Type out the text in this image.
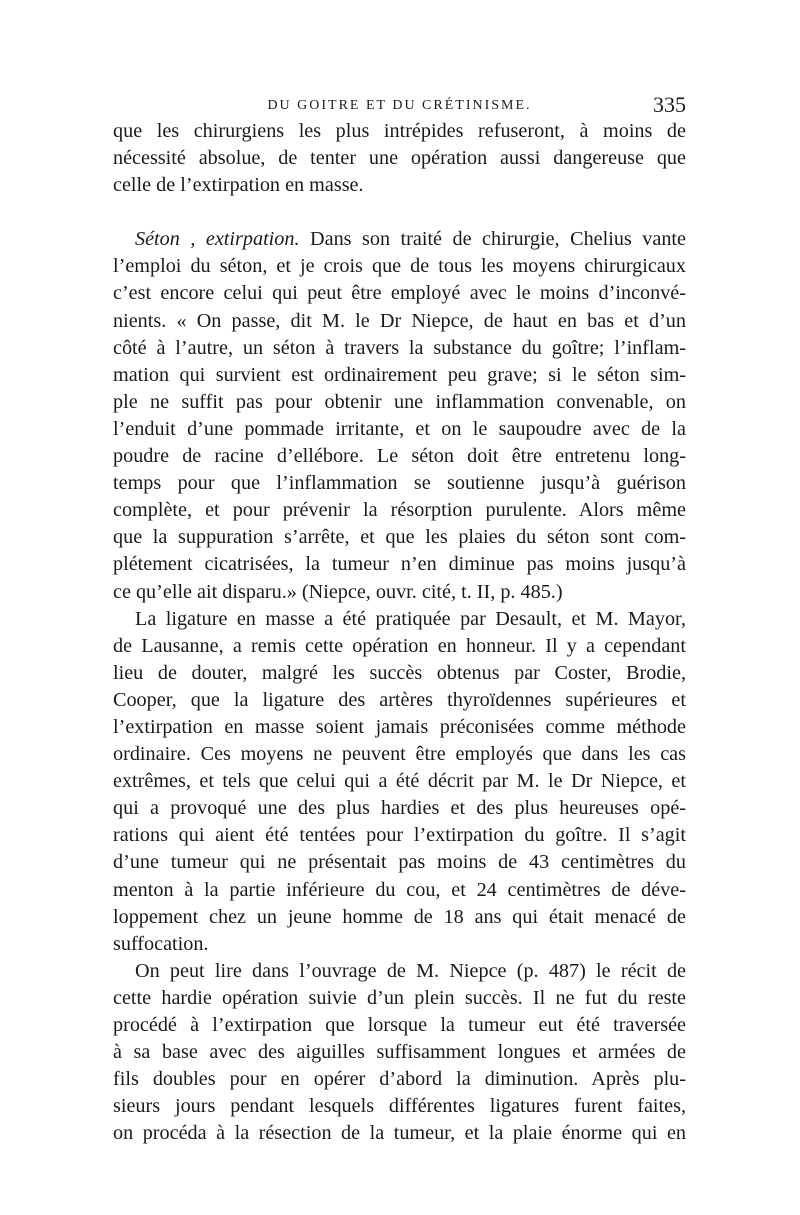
DU GOITRE ET DU CRÉTINISME.	335

que les chirurgiens les plus intrépides refuseront, à moins de
nécessité absolue, de tenter une opération aussi dangereuse que
celle de l’extirpation en masse.

Séton , extirpation. Dans son traité de chirurgie, Chelius vante
l’emploi du séton, et je crois que de tous les moyens chirurgicaux
c’est encore celui qui peut être employé avec le moins d’inconvé-
nients. « On passe, dit M. le Dr Niepce, de haut en bas et d’un
côté à l’autre, un séton à travers la substance du goître; l’inflam-
mation qui survient est ordinairement peu grave; si le séton sim-
ple ne suffit pas pour obtenir une inflammation convenable, on
l’enduit d’une pommade irritante, et on le saupoudre avec de la
poudre de racine d’ellébore. Le séton doit être entretenu long-
temps pour que l’inflammation se soutienne jusqu’à guérison
complète, et pour prévenir la résorption purulente. Alors même
que la suppuration s’arrête, et que les plaies du séton sont com-
plétement cicatrisées, la tumeur n’en diminue pas moins jusqu’à
ce qu’elle ait disparu.» (Niepce, ouvr. cité, t. II, p. 485.)

La ligature en masse a été pratiquée par Desault, et M. Mayor,
de Lausanne, a remis cette opération en honneur. Il y a cependant
lieu de douter, malgré les succès obtenus par Coster, Brodie,
Cooper, que la ligature des artères thyroïdennes supérieures et
l’extirpation en masse soient jamais préconisées comme méthode
ordinaire. Ces moyens ne peuvent être employés que dans les cas
extrêmes, et tels que celui qui a été décrit par M. le Dr Niepce, et
qui a provoqué une des plus hardies et des plus heureuses opé-
rations qui aient été tentées pour l’extirpation du goître. Il s’agit
d’une tumeur qui ne présentait pas moins de 43 centimètres du
menton à la partie inférieure du cou, et 24 centimètres de déve-
loppement chez un jeune homme de 18 ans qui était menacé de
suffocation.

On peut lire dans l’ouvrage de M. Niepce (p. 487) le récit de
cette hardie opération suivie d’un plein succès. Il ne fut du reste
procédé à l’extirpation que lorsque la tumeur eut été traversée
à sa base avec des aiguilles suffisamment longues et armées de
fils doubles pour en opérer d’abord la diminution. Après plu-
sieurs jours pendant lesquels différentes ligatures furent faites,
on procéda à la résection de la tumeur, et la plaie énorme qui en
